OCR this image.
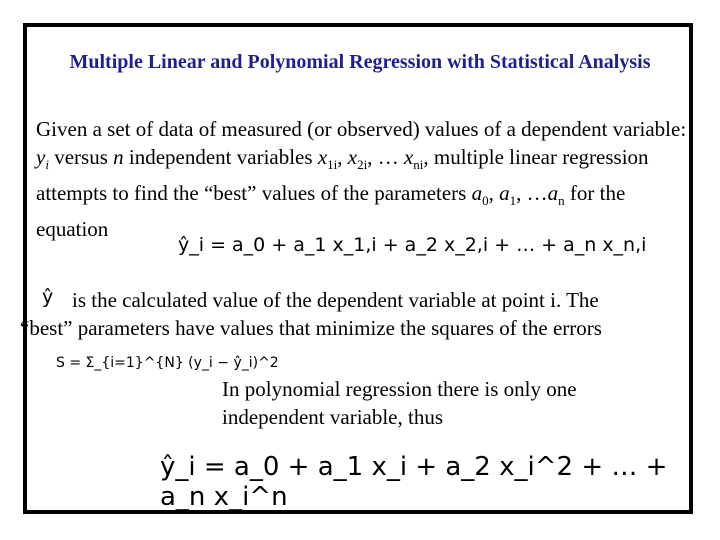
Multiple Linear and Polynomial Regression with Statistical Analysis
Given a set of data of measured (or observed) values of a dependent variable: $y_i$ versus n independent variables $x_{1i}$, $x_{2i}$, … $x_{ni}$, multiple linear regression attempts to find the “best” values of the parameters $a_0$, $a_1$, $\dots a_n$ for the equation
ŷ_i = a_0 + a_1 x_1,i + a_2 x_2,i + … + a_n x_n,i
ŷ is the calculated value of the dependent variable at point i. The
“best” parameters have values that minimize the squares of the errors
S = Σ_{i=1}^{N} (y_i − ŷ_i)^2
In polynomial regression there is only one independent variable, thus
ŷ_i = a_0 + a_1 x_i + a_2 x_i^2 + … + a_n x_i^n
